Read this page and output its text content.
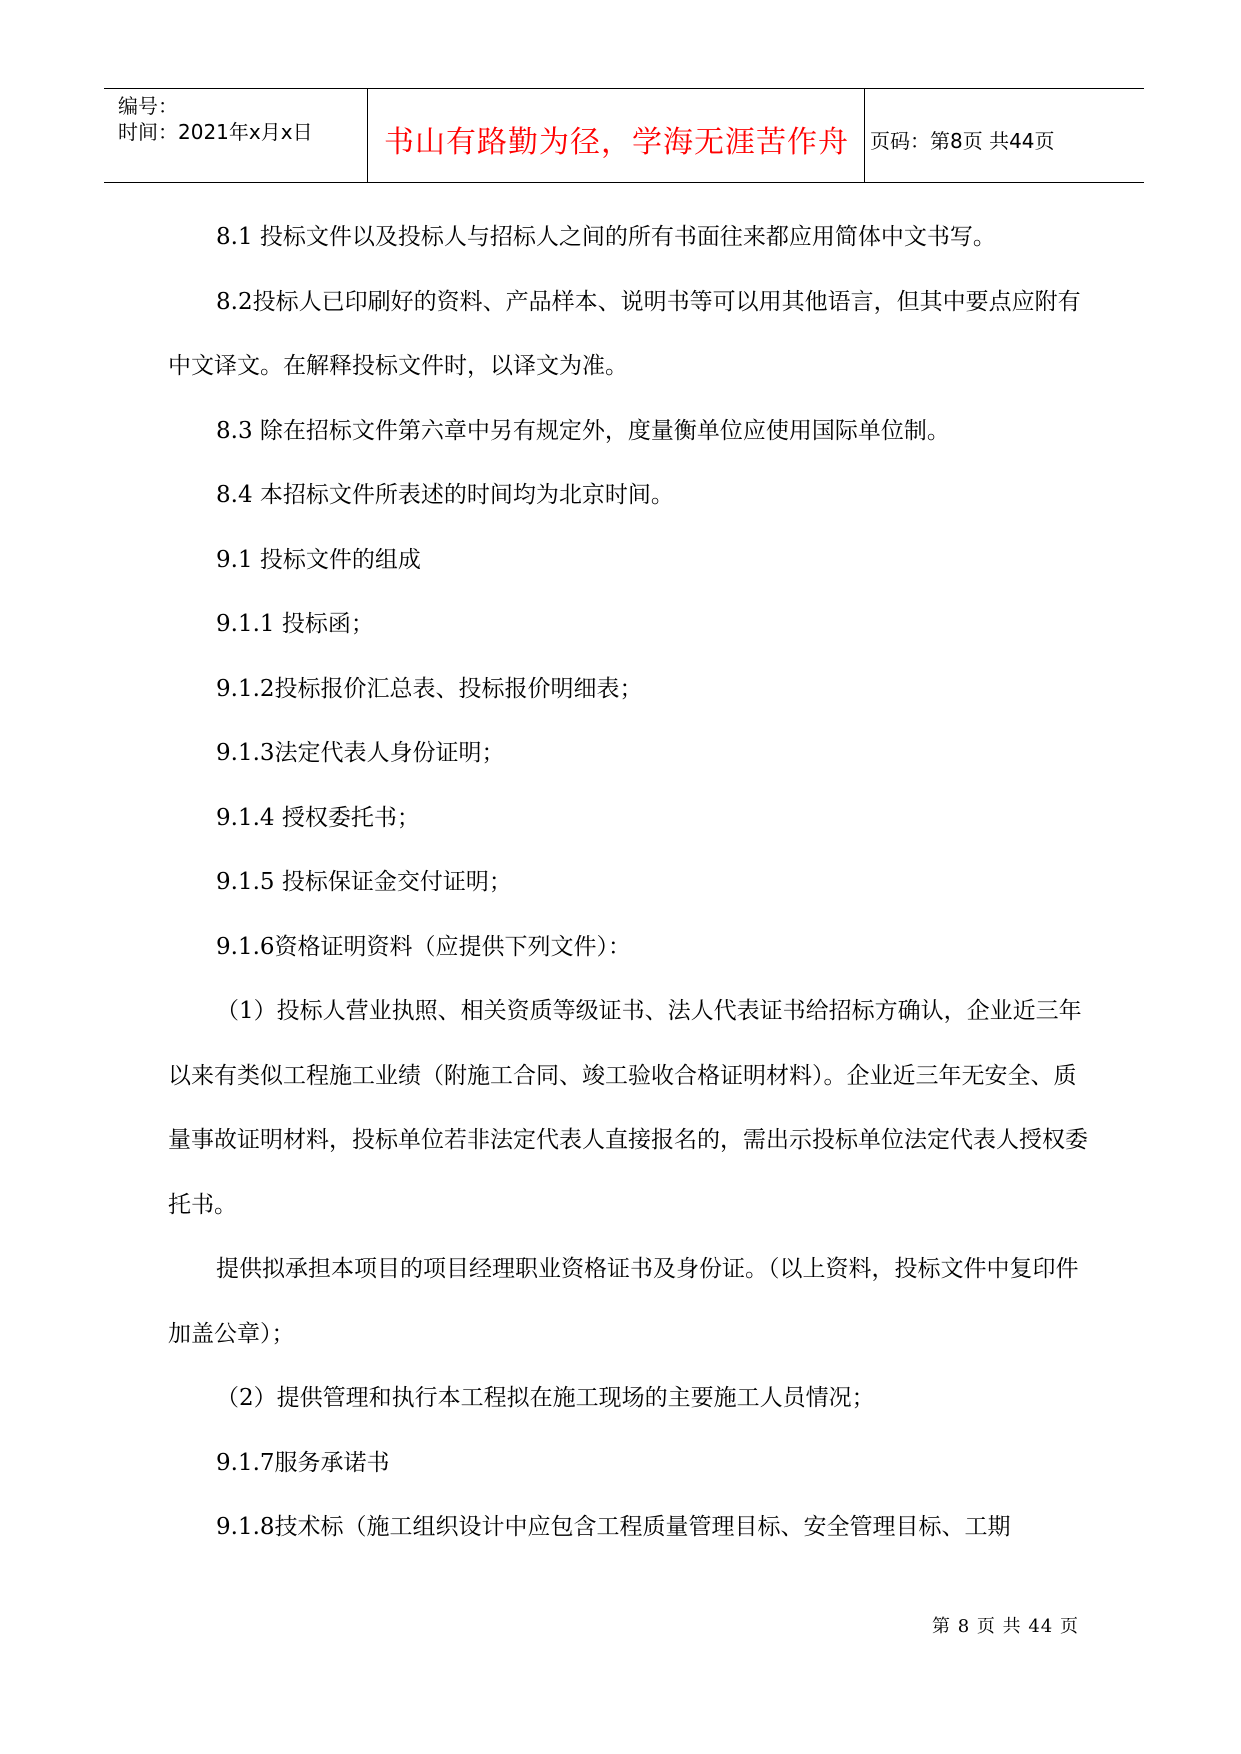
编号：
时间：2021年x月x日	书山有路勤为径，学海无涯苦作舟	页码：第8页 共44页

8.1 投标文件以及投标人与招标人之间的所有书面往来都应用简体中文书写。

8.2投标人已印刷好的资料、产品样本、说明书等可以用其他语言，但其中要点应附有中文译文。在解释投标文件时，以译文为准。

8.3 除在招标文件第六章中另有规定外，度量衡单位应使用国际单位制。

8.4 本招标文件所表述的时间均为北京时间。

9.1 投标文件的组成

9.1.1 投标函；

9.1.2投标报价汇总表、投标报价明细表；

9.1.3法定代表人身份证明；

9.1.4 授权委托书；

9.1.5 投标保证金交付证明；

9.1.6资格证明资料（应提供下列文件）：

（1）投标人营业执照、相关资质等级证书、法人代表证书给招标方确认，企业近三年以来有类似工程施工业绩（附施工合同、竣工验收合格证明材料）。企业近三年无安全、质量事故证明材料，投标单位若非法定代表人直接报名的，需出示投标单位法定代表人授权委托书。

提供拟承担本项目的项目经理职业资格证书及身份证。（以上资料，投标文件中复印件加盖公章）；

（2）提供管理和执行本工程拟在施工现场的主要施工人员情况；

9.1.7服务承诺书

9.1.8技术标（施工组织设计中应包含工程质量管理目标、安全管理目标、工期

第 8 页 共 44 页
